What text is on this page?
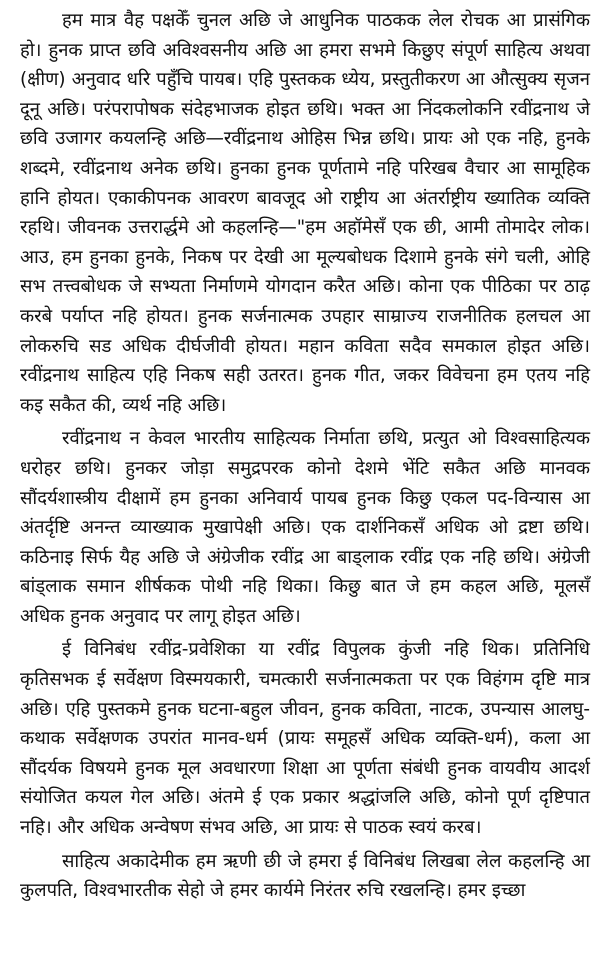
हम मात्र वैह पक्षकेँ चुनल अछि जे आधुनिक पाठकक लेल रोचक आ प्रासंगिक हो। हुनक प्राप्त छवि अविश्वसनीय अछि आ हमरा सभमे किछुए संपूर्ण साहित्य अथवा (क्षीण) अनुवाद धरि पहुँचि पायब। एहि पुस्तकक ध्येय, प्रस्तुतीकरण आ औत्सुक्य सृजन दूनू अछि। परंपरापोषक संदेहभाजक होइत छथि। भक्त आ निंदकलोकनि रवींद्रनाथ जे छवि उजागर कयलन्हि अछि—रवींद्रनाथ ओहिस भिन्न छथि। प्रायः ओ एक नहि, हुनके शब्दमे, रवींद्रनाथ अनेक छथि। हुनका हुनक पूर्णतामे नहि परिखब वैचार आ सामूहिक हानि होयत। एकाकीपनक आवरण बावजूद ओ राष्ट्रीय आ अंतर्राष्ट्रीय ख्यातिक व्यक्ति रहथि। जीवनक उत्तरार्द्धमे ओ कहलन्हि—"हम अहॉमेसँ एक छी, आमी तोमादेर लोक। आउ, हम हुनका हुनके, निकष पर देखी आ मूल्यबोधक दिशामे हुनके संगे चली, ओहि सभ तत्त्वबोधक जे सभ्यता निर्माणमे योगदान करैत अछि। कोना एक पीठिका पर ठाढ़ करबे पर्याप्त नहि होयत। हुनक सर्जनात्मक उपहार साम्राज्य राजनीतिक हलचल आ लोकरुचि सड अधिक दीर्घजीवी होयत। महान कविता सदैव समकाल होइत अछि। रवींद्रनाथ साहित्य एहि निकष सही उतरत। हुनक गीत, जकर विवेचना हम एतय नहि कइ सकैत की, व्यर्थ नहि अछि।

रवींद्रनाथ न केवल भारतीय साहित्यक निर्माता छथि, प्रत्युत ओ विश्वसाहित्यक धरोहर छथि। हुनकर जोड़ा समुद्रपरक कोनो देशमे भेंटि सकैत अछि मानवक सौंदर्यशास्त्रीय दीक्षामें हम हुनका अनिवार्य पायब हुनक किछु एकल पद-विन्यास आ अंतर्दृष्टि अनन्त व्याख्याक मुखापेक्षी अछि। एक दार्शनिकसँ अधिक ओ द्रष्टा छथि। कठिनाइ सिर्फ यैह अछि जे अंग्रेजीक रवींद्र आ बाड्लाक रवींद्र एक नहि छथि। अंग्रेजी बांड्लाक समान शीर्षकक पोथी नहि थिका। किछु बात जे हम कहल अछि, मूलसँ अधिक हुनक अनुवाद पर लागू होइत अछि।

ई विनिबंध रवींद्र-प्रवेशिका या रवींद्र विपुलक कुंजी नहि थिक। प्रतिनिधि कृतिसभक ई सर्वेक्षण विस्मयकारी, चमत्कारी सर्जनात्मकता पर एक विहंगम दृष्टि मात्र अछि। एहि पुस्तकमे हुनक घटना-बहुल जीवन, हुनक कविता, नाटक, उपन्यास आलघु-कथाक सर्वेक्षणक उपरांत मानव-धर्म (प्रायः समूहसँ अधिक व्यक्ति-धर्म), कला आ सौंदर्यक विषयमे हुनक मूल अवधारणा शिक्षा आ पूर्णता संबंधी हुनक वायवीय आदर्श संयोजित कयल गेल अछि। अंतमे ई एक प्रकार श्रद्धांजलि अछि, कोनो पूर्ण दृष्टिपात नहि। और अधिक अन्वेषण संभव अछि, आ प्रायः से पाठक स्वयं करब।

साहित्य अकादेमीक हम ऋणी छी जे हमरा ई विनिबंध लिखबा लेल कहलन्हि आ कुलपति, विश्वभारतीक सेहो जे हमर कार्यमे निरंतर रुचि रखलन्हि। हमर इच्छा
